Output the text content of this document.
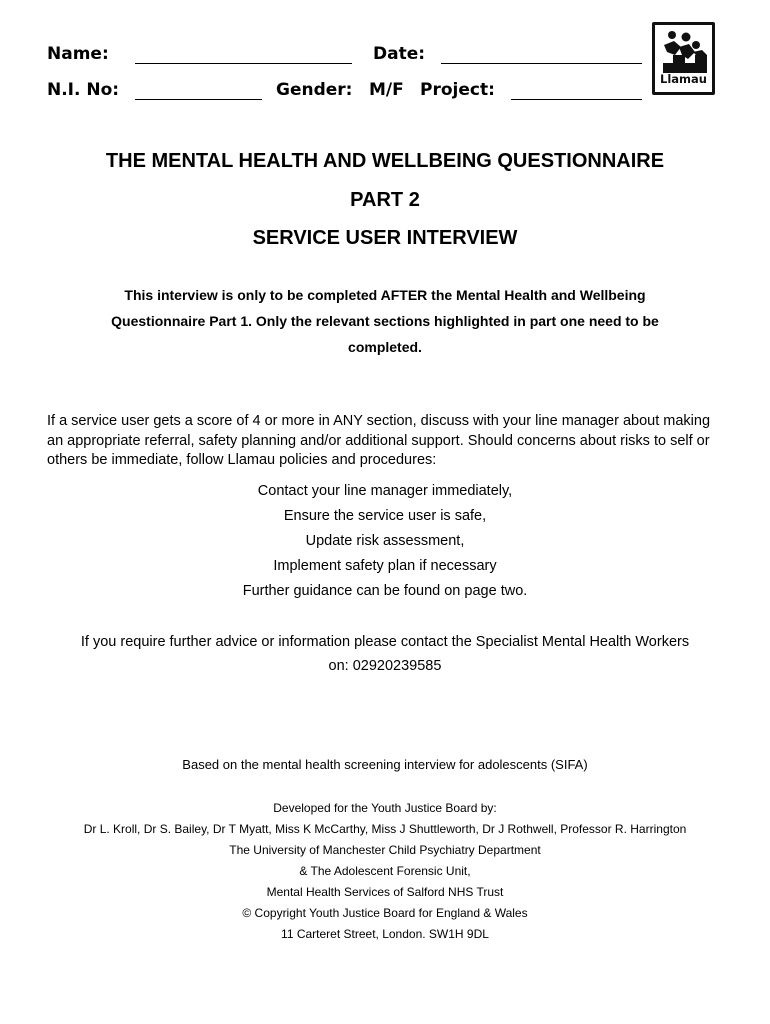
Name:	Date:
N.I. No:	Gender: M/F Project:
Llamau
THE MENTAL HEALTH AND WELLBEING QUESTIONNAIRE
PART 2
SERVICE USER INTERVIEW
This interview is only to be completed AFTER the Mental Health and Wellbeing
Questionnaire Part 1. Only the relevant sections highlighted in part one need to be
completed.
If a service user gets a score of 4 or more in ANY section, discuss with your line manager about making an appropriate referral, safety planning and/or additional support. Should concerns about risks to self or others be immediate, follow Llamau policies and procedures:
Contact your line manager immediately,
Ensure the service user is safe,
Update risk assessment,
Implement safety plan if necessary
Further guidance can be found on page two.
If you require further advice or information please contact the Specialist Mental Health Workers
on: 02920239585
Based on the mental health screening interview for adolescents (SIFA)
Developed for the Youth Justice Board by:
Dr L. Kroll, Dr S. Bailey, Dr T Myatt, Miss K McCarthy, Miss J Shuttleworth, Dr J Rothwell, Professor R. Harrington
The University of Manchester Child Psychiatry Department
& The Adolescent Forensic Unit,
Mental Health Services of Salford NHS Trust
© Copyright Youth Justice Board for England & Wales
11 Carteret Street, London. SW1H 9DL
